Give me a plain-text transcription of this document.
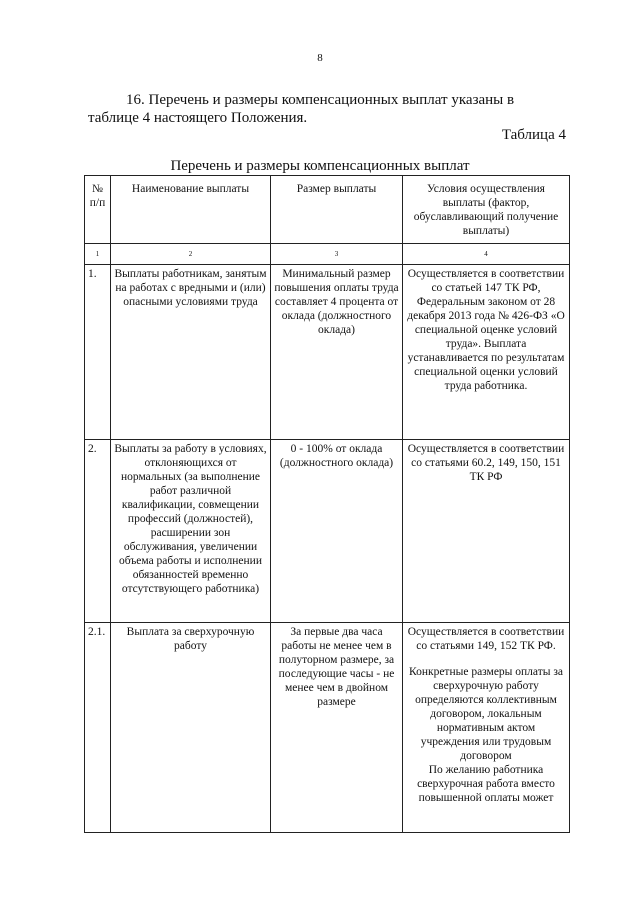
8
16. Перечень и размеры компенсационных выплат указаны в таблице 4 настоящего Положения.
Таблица 4
Перечень и размеры компенсационных выплат
№ п/п	Наименование выплаты	Размер выплаты	Условия осуществления выплаты (фактор, обуславливающий получение выплаты)
1	2	3	4
1.	Выплаты работникам, занятым на работах с вредными и (или) опасными условиями труда	Минимальный размер повышения оплаты труда составляет 4 процента от оклада (должностного оклада)	Осуществляется в соответствии со статьей 147 ТК РФ, Федеральным законом от 28 декабря 2013 года № 426-ФЗ «О специальной оценке условий труда». Выплата устанавливается по результатам специальной оценки условий труда работника.
2.	Выплаты за работу в условиях, отклоняющихся от нормальных (за выполнение работ различной квалификации, совмещении профессий (должностей), расширении зон обслуживания, увеличении объема работы и исполнении обязанностей временно отсутствующего работника)	0 - 100% от оклада (должностного оклада)	Осуществляется в соответствии со статьями 60.2, 149, 150, 151 ТК РФ
2.1.	Выплата за сверхурочную работу	За первые два часа работы не менее чем в полуторном размере, за последующие часы - не менее чем в двойном размере	Осуществляется в соответствии со статьями 149, 152 ТК РФ.
Конкретные размеры оплаты за сверхурочную работу определяются коллективным договором, локальным нормативным актом учреждения или трудовым договором
По желанию работника сверхурочная работа вместо повышенной оплаты может
